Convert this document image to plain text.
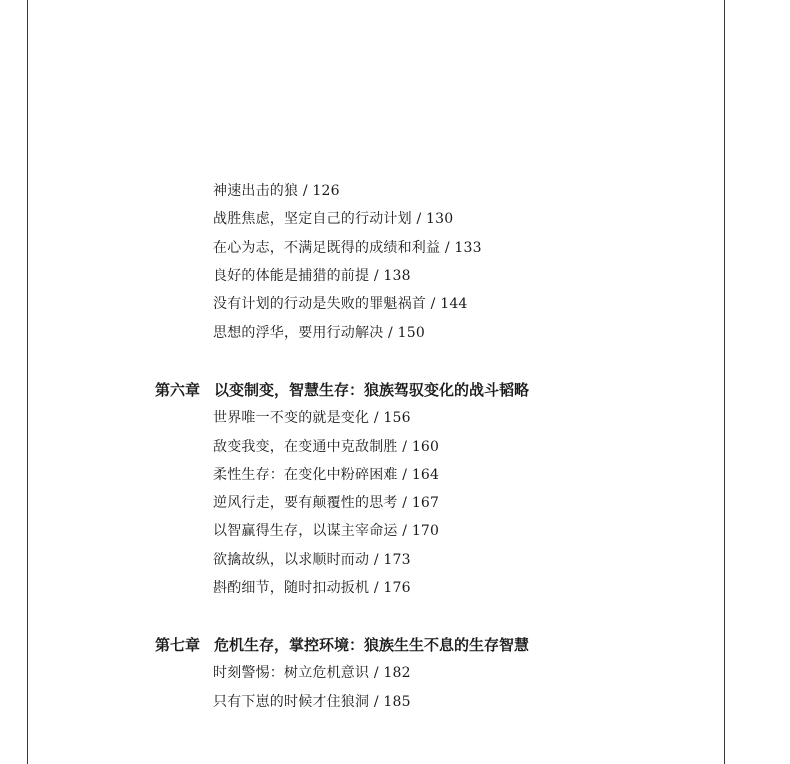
神速出击的狼 / 126
战胜焦虑，坚定自己的行动计划 / 130
在心为志，不满足既得的成绩和利益 / 133
良好的体能是捕猎的前提 / 138
没有计划的行动是失败的罪魁祸首 / 144
思想的浮华，要用行动解决 / 150
第六章 以变制变，智慧生存：狼族驾驭变化的战斗韬略
世界唯一不变的就是变化 / 156
敌变我变，在变通中克敌制胜 / 160
柔性生存：在变化中粉碎困难 / 164
逆风行走，要有颠覆性的思考 / 167
以智赢得生存，以谋主宰命运 / 170
欲擒故纵，以求顺时而动 / 173
斟酌细节，随时扣动扳机 / 176
第七章 危机生存，掌控环境：狼族生生不息的生存智慧
时刻警惕：树立危机意识 / 182
只有下崽的时候才住狼洞 / 185
